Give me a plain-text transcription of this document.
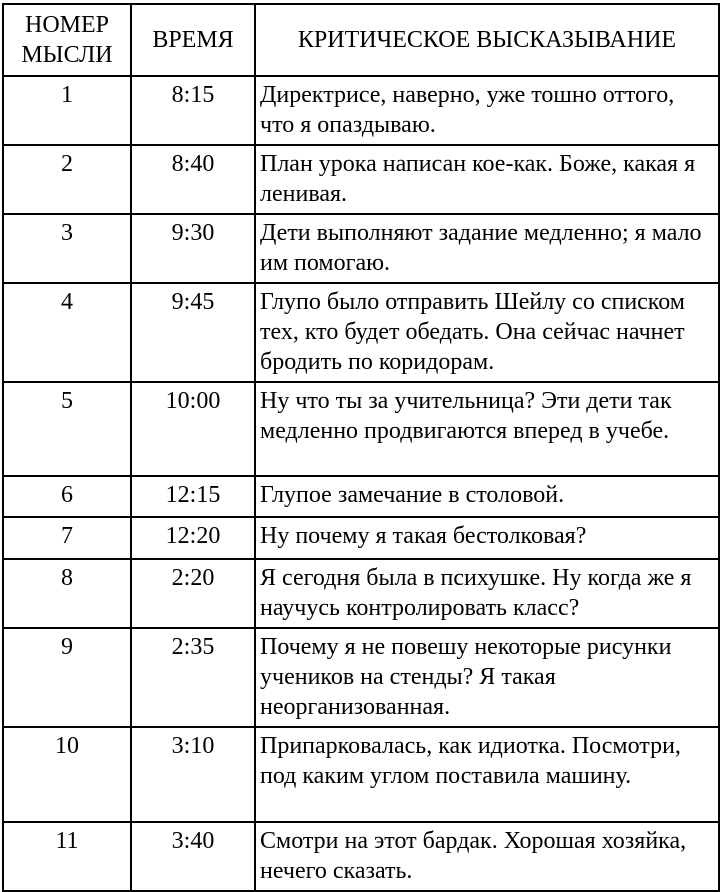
НОМЕР МЫСЛИ	ВРЕМЯ	КРИТИЧЕСКОЕ ВЫСКАЗЫВАНИЕ
1	8:15	Директрисе, наверно, уже тошно оттого, что я опаздываю.
2	8:40	План урока написан кое-как. Боже, какая я ленивая.
3	9:30	Дети выполняют задание медленно; я мало им помогаю.
4	9:45	Глупо было отправить Шейлу со списком тех, кто будет обедать. Она сейчас начнет бродить по коридорам.
5	10:00	Ну что ты за учительница? Эти дети так медленно продвигаются вперед в учебе.
6	12:15	Глупое замечание в столовой.
7	12:20	Ну почему я такая бестолковая?
8	2:20	Я сегодня была в психушке. Ну когда же я научусь контролировать класс?
9	2:35	Почему я не повешу некоторые рисунки учеников на стенды? Я такая неорганизованная.
10	3:10	Припарковалась, как идиотка. Посмотри, под каким углом поставила машину.
11	3:40	Смотри на этот бардак. Хорошая хозяйка, нечего сказать.
